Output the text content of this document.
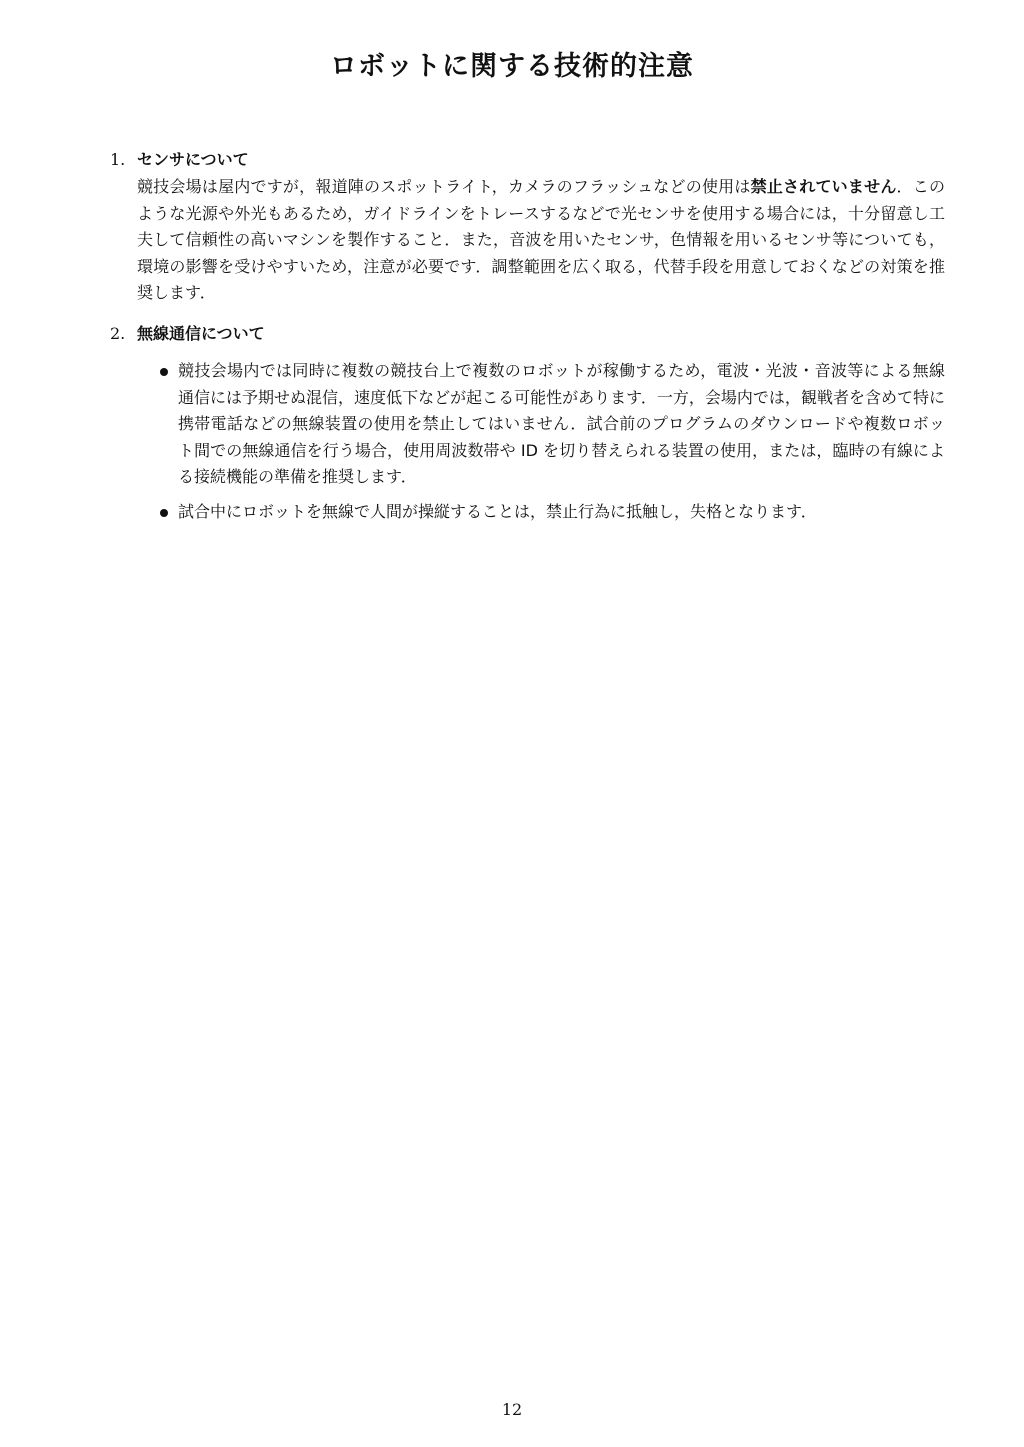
ロボットに関する技術的注意
1. センサについて
競技会場は屋内ですが，報道陣のスポットライト，カメラのフラッシュなどの使用は禁止されていません．このような光源や外光もあるため，ガイドラインをトレースするなどで光センサを使用する場合には，十分留意し工夫して信頼性の高いマシンを製作すること．また，音波を用いたセンサ，色情報を用いるセンサ等についても，環境の影響を受けやすいため，注意が必要です．調整範囲を広く取る，代替手段を用意しておくなどの対策を推奨します．
2. 無線通信について
競技会場内では同時に複数の競技台上で複数のロボットが稼働するため，電波・光波・音波等による無線通信には予期せぬ混信，速度低下などが起こる可能性があります．一方，会場内では，観戦者を含めて特に携帯電話などの無線装置の使用を禁止してはいません．試合前のプログラムのダウンロードや複数ロボット間での無線通信を行う場合，使用周波数帯や ID を切り替えられる装置の使用，または，臨時の有線による接続機能の準備を推奨します．
試合中にロボットを無線で人間が操縦することは，禁止行為に抵触し，失格となります．
12
